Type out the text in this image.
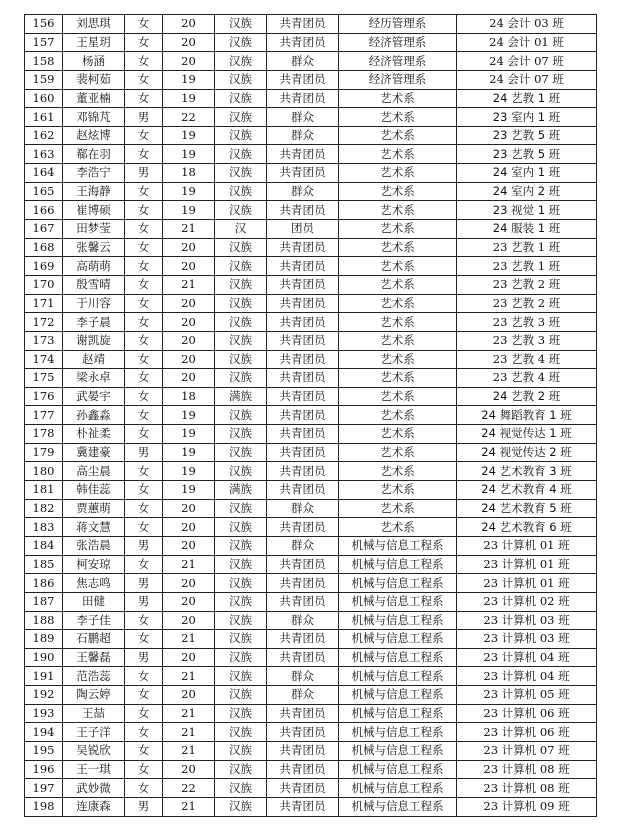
156	刘思琪	女	20	汉族	共青团员	经历管理系	24 会计 03 班
157	王星玥	女	20	汉族	共青团员	经济管理系	24 会计 01 班
158	杨涵	女	20	汉族	群众	经济管理系	24 会计 07 班
159	裴柯茹	女	19	汉族	共青团员	经济管理系	24 会计 07 班
160	董亚楠	女	19	汉族	共青团员	艺术系	24 艺教 1 班
161	邓锦芃	男	22	汉族	群众	艺术系	23 室内 1 班
162	赵炫博	女	19	汉族	群众	艺术系	23 艺教 5 班
163	郗在羽	女	19	汉族	共青团员	艺术系	23 艺教 5 班
164	李浩宁	男	18	汉族	共青团员	艺术系	24 室内 1 班
165	王海静	女	19	汉族	群众	艺术系	24 室内 2 班
166	崔博硕	女	19	汉族	共青团员	艺术系	23 视觉 1 班
167	田梦莹	女	21	汉	团员	艺术系	24 服装 1 班
168	张馨云	女	20	汉族	共青团员	艺术系	23 艺教 1 班
169	高萌萌	女	20	汉族	共青团员	艺术系	23 艺教 1 班
170	殷雪晴	女	21	汉族	共青团员	艺术系	23 艺教 2 班
171	于川容	女	20	汉族	共青团员	艺术系	23 艺教 2 班
172	李子晨	女	20	汉族	共青团员	艺术系	23 艺教 3 班
173	谢凯旋	女	20	汉族	共青团员	艺术系	23 艺教 3 班
174	赵靖	女	20	汉族	共青团员	艺术系	23 艺教 4 班
175	梁永卓	女	20	汉族	共青团员	艺术系	23 艺教 4 班
176	武晏宇	女	18	满族	共青团员	艺术系	24 艺教 2 班
177	孙鑫淼	女	19	汉族	共青团员	艺术系	24 舞蹈教育 1 班
178	朴祉柔	女	19	汉族	共青团员	艺术系	24 视觉传达 1 班
179	冀建豪	男	19	汉族	共青团员	艺术系	24 视觉传达 2 班
180	高尘晨	女	19	汉族	共青团员	艺术系	24 艺术教育 3 班
181	韩佳蕊	女	19	满族	共青团员	艺术系	24 艺术教育 4 班
182	贾蕙萌	女	20	汉族	群众	艺术系	24 艺术教育 5 班
183	蒋文慧	女	20	汉族	共青团员	艺术系	24 艺术教育 6 班
184	张浩晨	男	20	汉族	群众	机械与信息工程系	23 计算机 01 班
185	柯安琼	女	21	汉族	共青团员	机械与信息工程系	23 计算机 01 班
186	焦志鸣	男	20	汉族	共青团员	机械与信息工程系	23 计算机 01 班
187	田健	男	20	汉族	共青团员	机械与信息工程系	23 计算机 02 班
188	李子佳	女	20	汉族	群众	机械与信息工程系	23 计算机 03 班
189	石鹏超	女	21	汉族	共青团员	机械与信息工程系	23 计算机 03 班
190	王馨磊	男	20	汉族	共青团员	机械与信息工程系	23 计算机 04 班
191	范浩蕊	女	21	汉族	群众	机械与信息工程系	23 计算机 04 班
192	陶云婷	女	20	汉族	群众	机械与信息工程系	23 计算机 05 班
193	王喆	女	21	汉族	共青团员	机械与信息工程系	23 计算机 06 班
194	王子洋	女	21	汉族	共青团员	机械与信息工程系	23 计算机 06 班
195	吴锐欣	女	21	汉族	共青团员	机械与信息工程系	23 计算机 07 班
196	王一琪	女	20	汉族	共青团员	机械与信息工程系	23 计算机 08 班
197	武妙微	女	22	汉族	共青团员	机械与信息工程系	23 计算机 08 班
198	连康森	男	21	汉族	共青团员	机械与信息工程系	23 计算机 09 班
